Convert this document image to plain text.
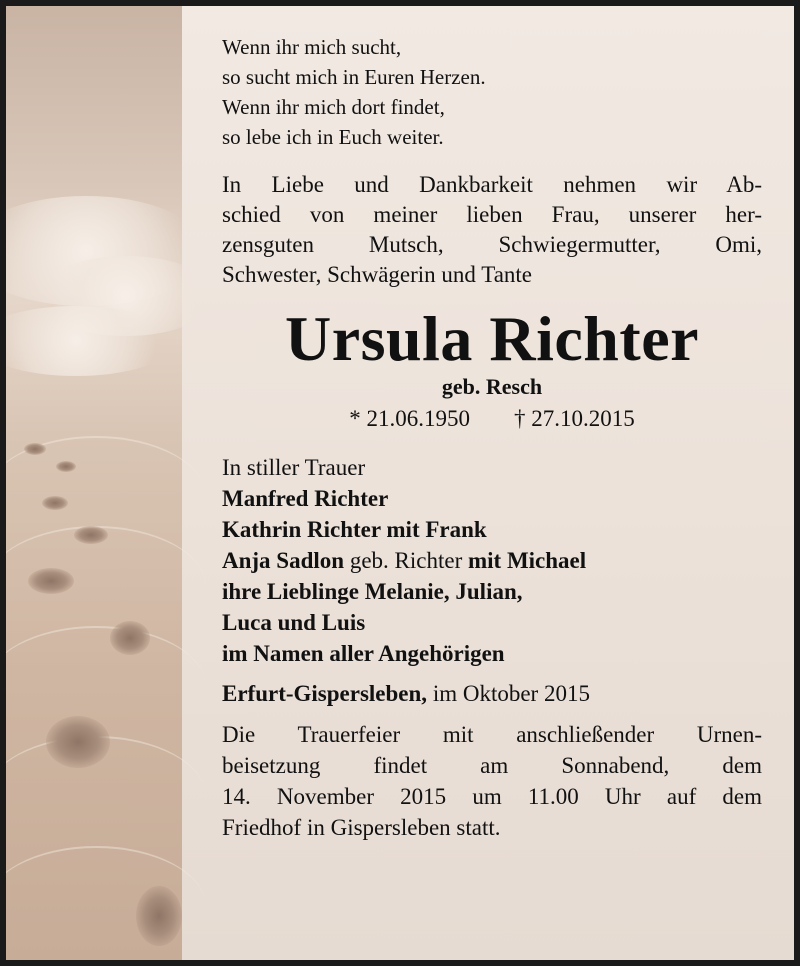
Wenn ihr mich sucht,
so sucht mich in Euren Herzen.
Wenn ihr mich dort findet,
so lebe ich in Euch weiter.
In Liebe und Dankbarkeit nehmen wir Ab-
schied von meiner lieben Frau, unserer her-
zensguten Mutsch, Schwiegermutter, Omi,
Schwester, Schwägerin und Tante
Ursula Richter
geb. Resch
* 21.06.1950 † 27.10.2015
In stiller Trauer
Manfred Richter
Kathrin Richter mit Frank
Anja Sadlon geb. Richter mit Michael
ihre Lieblinge Melanie, Julian,
Luca und Luis
im Namen aller Angehörigen
Erfurt-Gispersleben, im Oktober 2015
Die Trauerfeier mit anschließender Urnen-
beisetzung findet am Sonnabend, dem
14. November 2015 um 11.00 Uhr auf dem
Friedhof in Gispersleben statt.
